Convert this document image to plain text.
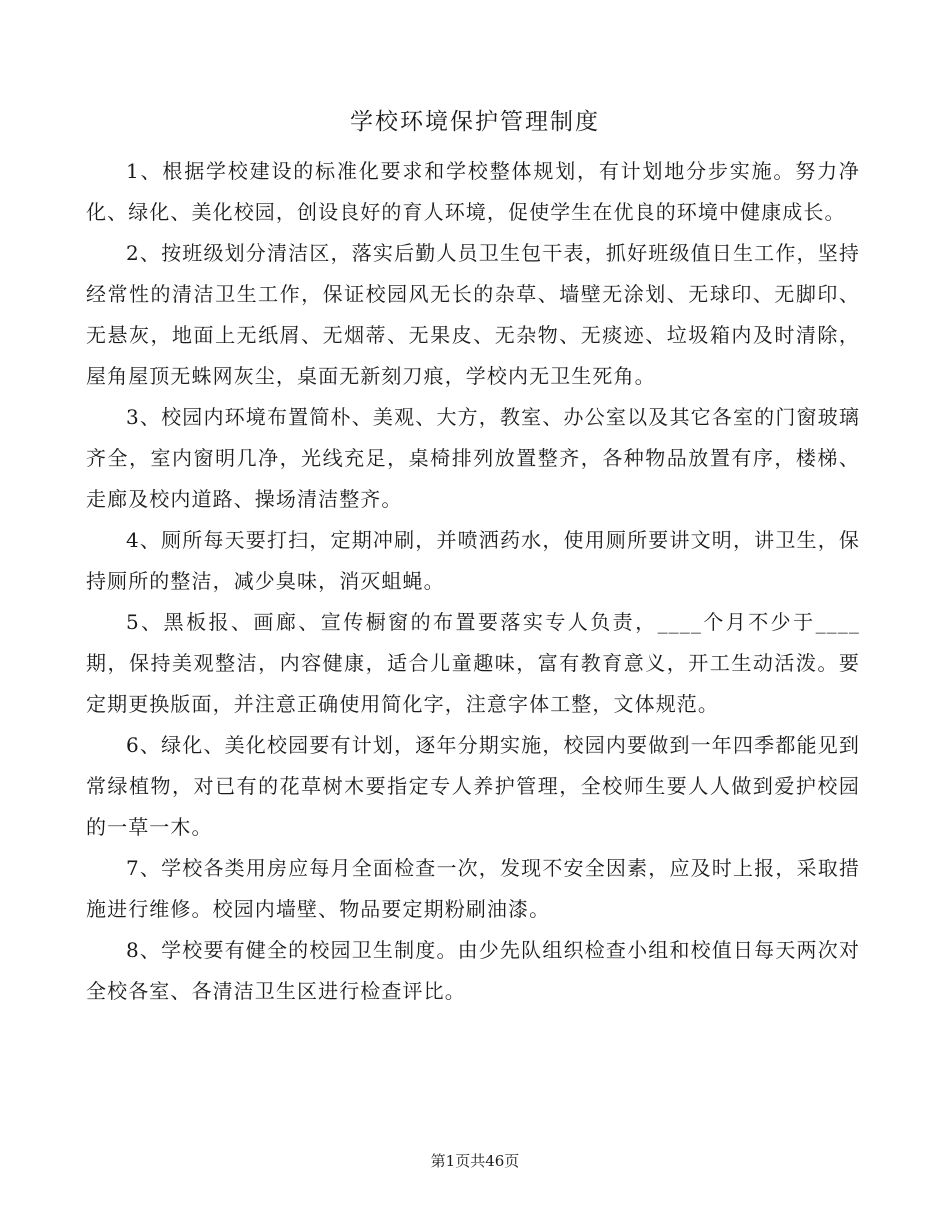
学校环境保护管理制度

1、根据学校建设的标准化要求和学校整体规划，有计划地分步实施。努力净化、绿化、美化校园，创设良好的育人环境，促使学生在优良的环境中健康成长。

2、按班级划分清洁区，落实后勤人员卫生包干表，抓好班级值日生工作，坚持经常性的清洁卫生工作，保证校园风无长的杂草、墙壁无涂划、无球印、无脚印、无悬灰，地面上无纸屑、无烟蒂、无果皮、无杂物、无痰迹、垃圾箱内及时清除，屋角屋顶无蛛网灰尘，桌面无新刻刀痕，学校内无卫生死角。

3、校园内环境布置简朴、美观、大方，教室、办公室以及其它各室的门窗玻璃齐全，室内窗明几净，光线充足，桌椅排列放置整齐，各种物品放置有序，楼梯、走廊及校内道路、操场清洁整齐。

4、厕所每天要打扫，定期冲刷，并喷洒药水，使用厕所要讲文明，讲卫生，保持厕所的整洁，减少臭味，消灭蛆蝇。

5、黑板报、画廊、宣传橱窗的布置要落实专人负责，____个月不少于____期，保持美观整洁，内容健康，适合儿童趣味，富有教育意义，开工生动活泼。要定期更换版面，并注意正确使用简化字，注意字体工整，文体规范。

6、绿化、美化校园要有计划，逐年分期实施，校园内要做到一年四季都能见到常绿植物，对已有的花草树木要指定专人养护管理，全校师生要人人做到爱护校园的一草一木。

7、学校各类用房应每月全面检查一次，发现不安全因素，应及时上报，采取措施进行维修。校园内墙壁、物品要定期粉刷油漆。

8、学校要有健全的校园卫生制度。由少先队组织检查小组和校值日每天两次对全校各室、各清洁卫生区进行检查评比。

第1页共46页
